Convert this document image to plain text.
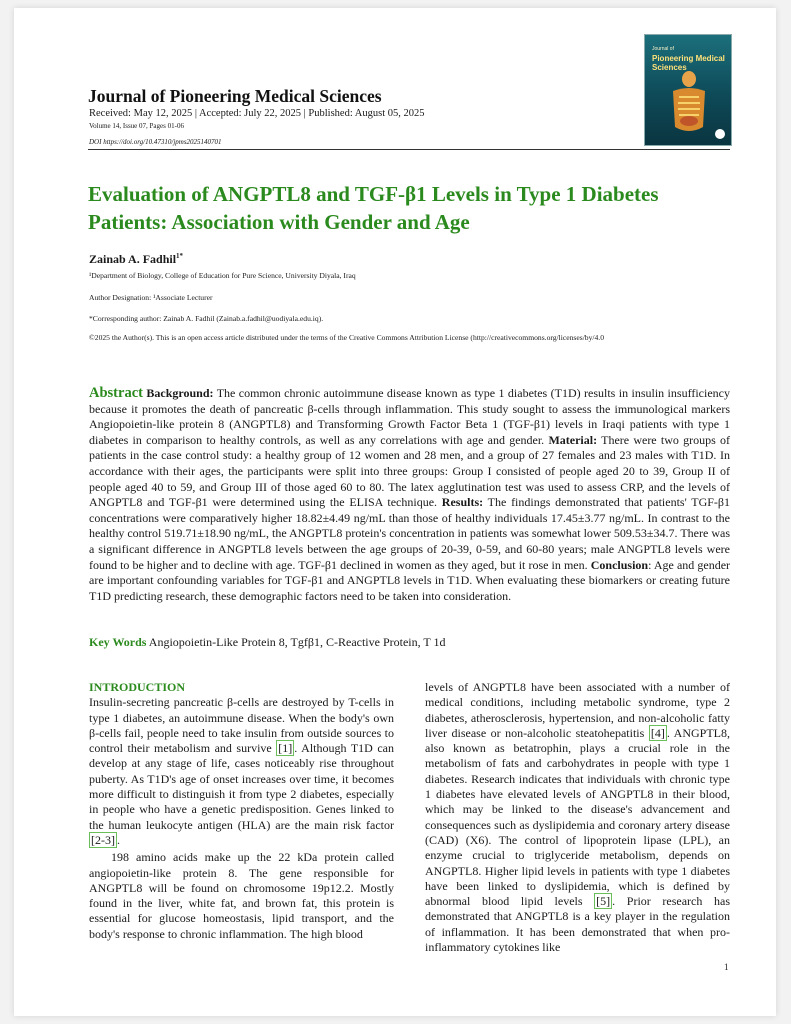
Journal of Pioneering Medical Sciences
Received: May 12, 2025 | Accepted: July 22, 2025 | Published: August 05, 2025
Volume 14, Issue 07, Pages 01-06
DOI https://doi.org/10.47310/jpms2025140701
Journal of
Pioneering Medical Sciences
Evaluation of ANGPTL8 and TGF-β1 Levels in Type 1 Diabetes Patients: Association with Gender and Age
Zainab A. Fadhil$^{1*}$
¹Department of Biology, College of Education for Pure Science, University Diyala, Iraq
Author Designation: ¹Associate Lecturer
*Corresponding author: Zainab A. Fadhil (Zainab.a.fadhil@uodiyala.edu.iq).
©2025 the Author(s). This is an open access article distributed under the terms of the Creative Commons Attribution License (http://creativecommons.org/licenses/by/4.0
Abstract Background: The common chronic autoimmune disease known as type 1 diabetes (T1D) results in insulin insufficiency because it promotes the death of pancreatic β-cells through inflammation. This study sought to assess the immunological markers Angiopoietin-like protein 8 (ANGPTL8) and Transforming Growth Factor Beta 1 (TGF-β1) levels in Iraqi patients with type 1 diabetes in comparison to healthy controls, as well as any correlations with age and gender. Material: There were two groups of patients in the case control study: a healthy group of 12 women and 28 men, and a group of 27 females and 23 males with T1D. In accordance with their ages, the participants were split into three groups: Group I consisted of people aged 20 to 39, Group II of people aged 40 to 59, and Group III of those aged 60 to 80. The latex agglutination test was used to assess CRP, and the levels of ANGPTL8 and TGF-β1 were determined using the ELISA technique. Results: The findings demonstrated that patients' TGF-β1 concentrations were comparatively higher 18.82±4.49 ng/mL than those of healthy individuals 17.45±3.77 ng/mL. In contrast to the healthy control 519.71±18.90 ng/mL, the ANGPTL8 protein's concentration in patients was somewhat lower 509.53±34.7. There was a significant difference in ANGPTL8 levels between the age groups of 20-39, 0-59, and 60-80 years; male ANGPTL8 levels were found to be higher and to decline with age. TGF-β1 declined in women as they aged, but it rose in men. Conclusion: Age and gender are important confounding variables for TGF-β1 and ANGPTL8 levels in T1D. When evaluating these biomarkers or creating future T1D predicting research, these demographic factors need to be taken into consideration.
Key Words Angiopoietin-Like Protein 8, Tgfβ1, C-Reactive Protein, T 1d
INTRODUCTION
Insulin-secreting pancreatic β-cells are destroyed by T-cells in type 1 diabetes, an autoimmune disease. When the body's own β-cells fail, people need to take insulin from outside sources to control their metabolism and survive [1] . Although T1D can develop at any stage of life, cases noticeably rise throughout puberty. As T1D's age of onset increases over time, it becomes more difficult to distinguish it from type 2 diabetes, especially in people who have a genetic predisposition. Genes linked to the human leukocyte antigen (HLA) are the main risk factor [2-3] .
198 amino acids make up the 22 kDa protein called angiopoietin-like protein 8. The gene responsible for ANGPTL8 will be found on chromosome 19p12.2. Mostly found in the liver, white fat, and brown fat, this protein is essential for glucose homeostasis, lipid transport, and the body's response to chronic inflammation. The high blood
levels of ANGPTL8 have been associated with a number of medical conditions, including metabolic syndrome, type 2 diabetes, atherosclerosis, hypertension, and non-alcoholic fatty liver disease or non-alcoholic steatohepatitis [4] . ANGPTL8, also known as betatrophin, plays a crucial role in the metabolism of fats and carbohydrates in people with type 1 diabetes. Research indicates that individuals with chronic type 1 diabetes have elevated levels of ANGPTL8 in their blood, which may be linked to the disease's advancement and consequences such as dyslipidemia and coronary artery disease (CAD) (X6). The control of lipoprotein lipase (LPL), an enzyme crucial to triglyceride metabolism, depends on ANGPTL8. Higher lipid levels in patients with type 1 diabetes have been linked to dyslipidemia, which is defined by abnormal blood lipid levels [5] . Prior research has demonstrated that ANGPTL8 is a key player in the regulation of inflammation. It has been demonstrated that when pro-inflammatory cytokines like
1
